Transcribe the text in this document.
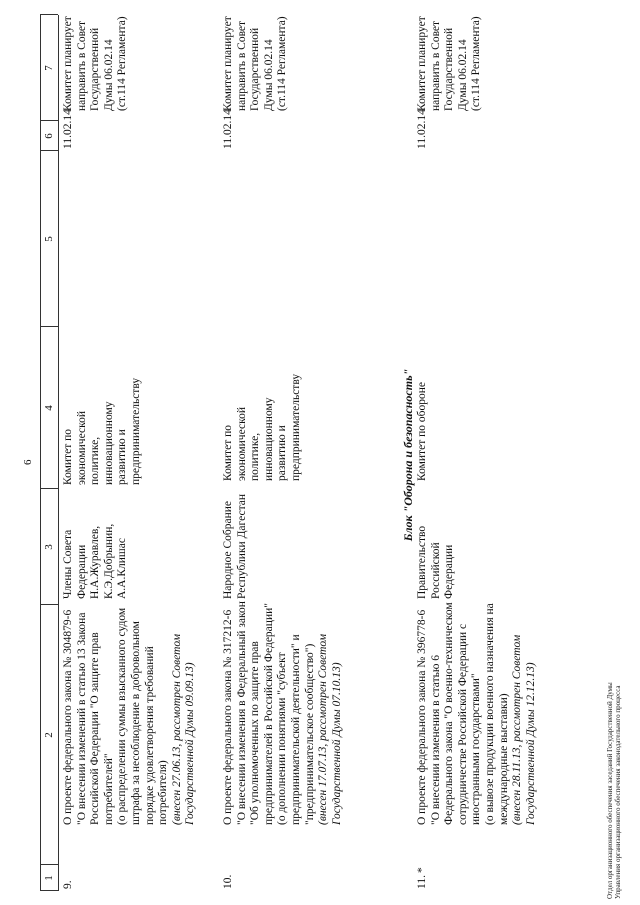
6
1
2
3
4
5
6
7
9.
О проекте федерального закона № 304879-6 "О внесении изменений в статью 13 Закона Российской Федерации "О защите прав потребителей" (о распределении суммы взысканного судом штрафа за несоблюдение в добровольном порядке удовлетворения требований потребителя) (внесен 27.06.13, рассмотрен Советом Государственной Думы 09.09.13)
Члены Совета Федерации Н.А.Журавлев, К.Э.Добрынин, А.А.Клишас
Комитет по экономической политике, инновационному развитию и предпринимательству
11.02.14
Комитет планирует направить в Совет Государственной Думы 06.02.14 (ст.114 Регламента)
10.
О проекте федерального закона № 317212-6 "О внесении изменения в Федеральный закон "Об уполномоченных по защите прав предпринимателей в Российской Федерации" (о дополнении понятиями "субъект предпринимательской деятельности" и "предпринимательское сообщество") (внесен 17.07.13, рассмотрен Советом Государственной Думы 07.10.13)
Народное Собрание Республики Дагестан
Комитет по экономической политике, инновационному развитию и предпринимательству
11.02.14
Комитет планирует направить в Совет Государственной Думы 06.02.14 (ст.114 Регламента)
Блок "Оборона и безопасность"
11.
*
О проекте федерального закона № 396778-6 "О внесении изменения в статью 6 Федерального закона "О военно-техническом сотрудничестве Российской Федерации с иностранными государствами" (о вывозе продукции военного назначения на международные выставки) (внесен 28.11.13, рассмотрен Советом Государственной Думы 12.12.13)
Правительство Российской Федерации
Комитет по обороне
11.02.14
Комитет планирует направить в Совет Государственной Думы 06.02.14 (ст.114 Регламента)
Отдел организационного обеспечения заседаний Государственной Думы Управления организационного обеспечения законодательного процесса
